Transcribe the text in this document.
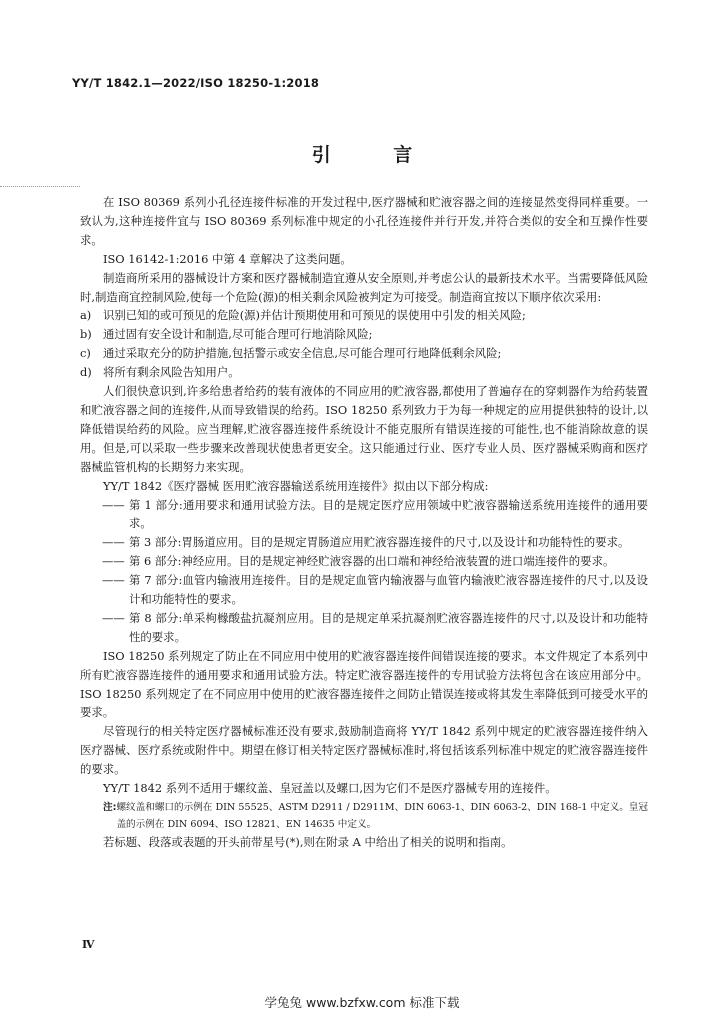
YY/T 1842.1—2022/ISO 18250-1:2018
引 言

在 ISO 80369 系列小孔径连接件标准的开发过程中,医疗器械和贮液容器之间的连接显然变得同样重要。一致认为,这种连接件宜与 ISO 80369 系列标准中规定的小孔径连接件并行开发,并符合类似的安全和互操作性要求。

ISO 16142-1:2016 中第 4 章解决了这类问题。

制造商所采用的器械设计方案和医疗器械制造宜遵从安全原则,并考虑公认的最新技术水平。当需要降低风险时,制造商宜控制风险,使每一个危险(源)的相关剩余风险被判定为可接受。制造商宜按以下顺序依次采用:

a)	识别已知的或可预见的危险(源)并估计预期使用和可预见的误使用中引发的相关风险;
b) 通过固有安全设计和制造,尽可能合理可行地消除风险;
c)	通过采取充分的防护措施,包括警示或安全信息,尽可能合理可行地降低剩余风险;
d) 将所有剩余风险告知用户。

人们很快意识到,许多给患者给药的装有液体的不同应用的贮液容器,都使用了普遍存在的穿刺器作为给药装置和贮液容器之间的连接件,从而导致错误的给药。ISO 18250 系列致力于为每一种规定的应用提供独特的设计,以降低错误给药的风险。应当理解,贮液容器连接件系统设计不能克服所有错误连接的可能性,也不能消除故意的误用。但是,可以采取一些步骤来改善现状使患者更安全。这只能通过行业、医疗专业人员、医疗器械采购商和医疗器械监管机构的长期努力来实现。

YY/T 1842《医疗器械 医用贮液容器输送系统用连接件》拟由以下部分构成:

—— 第 1 部分:通用要求和通用试验方法。目的是规定医疗应用领域中贮液容器输送系统用连接件的通用要求。
—— 第 3 部分:胃肠道应用。目的是规定胃肠道应用贮液容器连接件的尺寸,以及设计和功能特性的要求。
—— 第 6 部分:神经应用。目的是规定神经贮液容器的出口端和神经给液装置的进口端连接件的要求。
—— 第 7 部分:血管内输液用连接件。目的是规定血管内输液器与血管内输液贮液容器连接件的尺寸,以及设计和功能特性的要求。
—— 第 8 部分:单采枸橼酸盐抗凝剂应用。目的是规定单采抗凝剂贮液容器连接件的尺寸,以及设计和功能特性的要求。

ISO 18250 系列规定了防止在不同应用中使用的贮液容器连接件间错误连接的要求。本文件规定了本系列中所有贮液容器连接件的通用要求和通用试验方法。特定贮液容器连接件的专用试验方法将包含在该应用部分中。ISO 18250 系列规定了在不同应用中使用的贮液容器连接件之间防止错误连接或将其发生率降低到可接受水平的要求。

尽管现行的相关特定医疗器械标准还没有要求,鼓励制造商将 YY/T 1842 系列中规定的贮液容器连接件纳入医疗器械、医疗系统或附件中。期望在修订相关特定医疗器械标准时,将包括该系列标准中规定的贮液容器连接件的要求。

YY/T 1842 系列不适用于螺纹盖、皇冠盖以及螺口,因为它们不是医疗器械专用的连接件。

注: 螺纹盖和螺口的示例在 DIN 55525、ASTM D2911 / D2911M、DIN 6063-1、DIN 6063-2、DIN 168-1 中定义。皇冠盖的示例在 DIN 6094、ISO 12821、EN 14635 中定义。

若标题、段落或表题的开头前带星号(*),则在附录 A 中给出了相关的说明和指南。

Ⅳ
学兔兔 www.bzfxw.com 标准下载
